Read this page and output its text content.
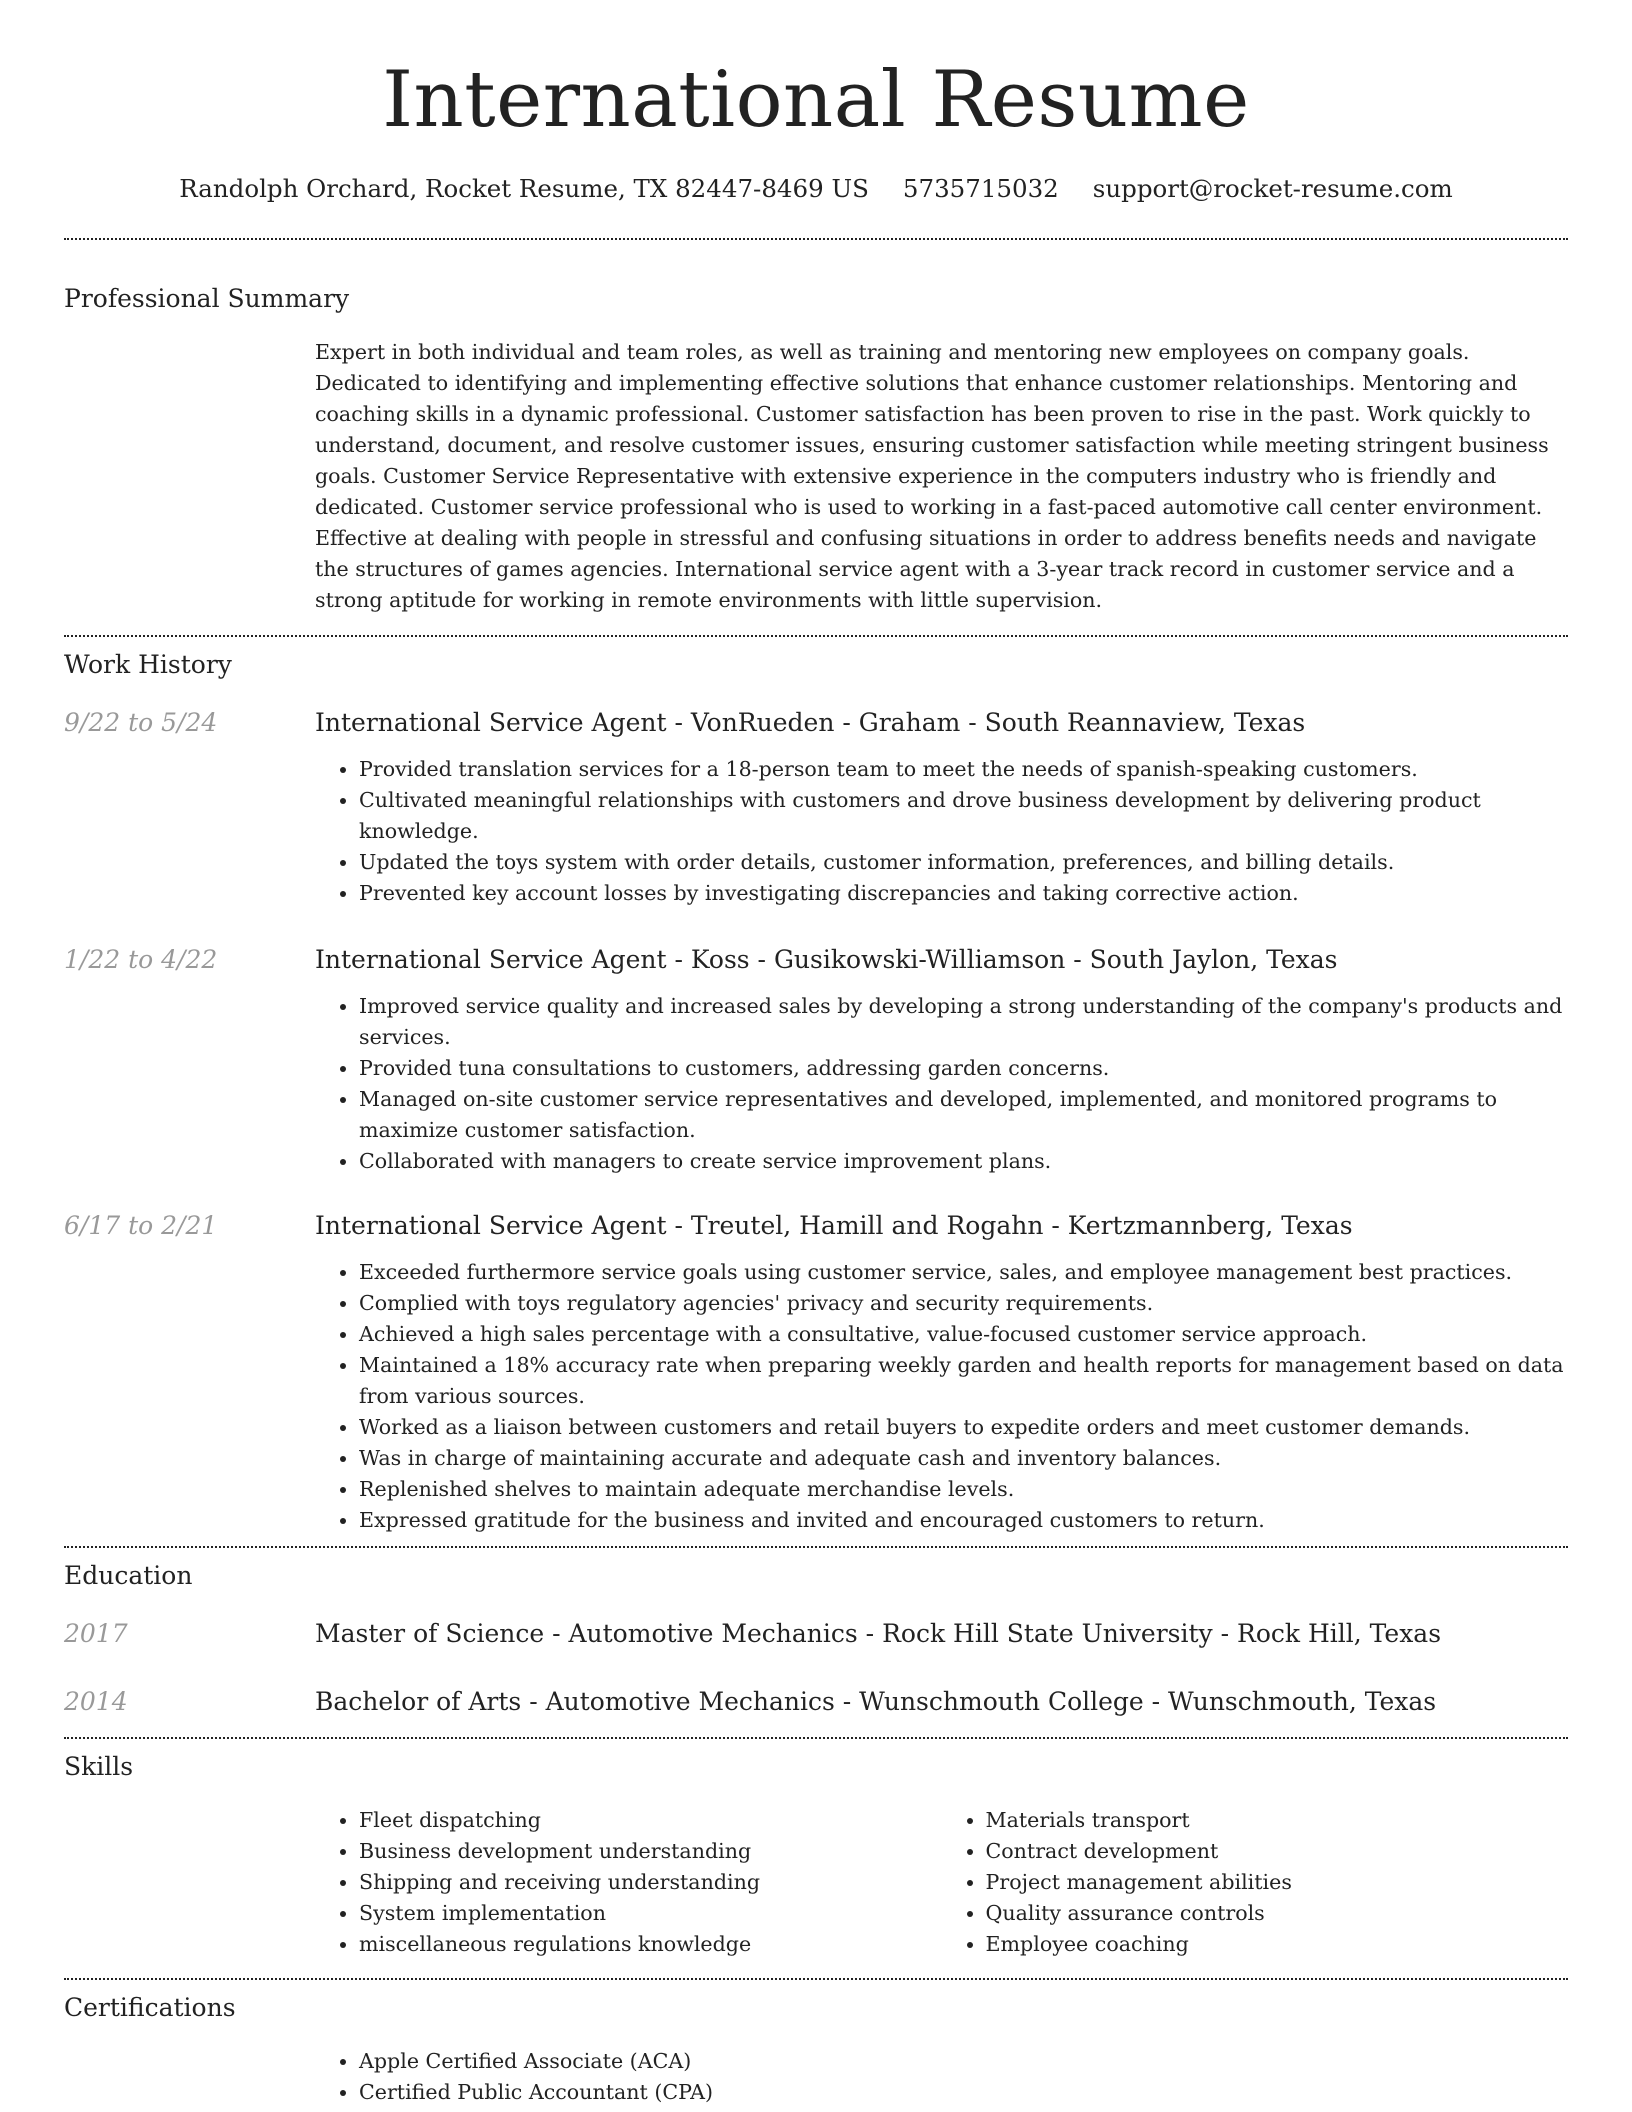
International Resume
Randolph Orchard, Rocket Resume, TX 82447-8469 US 5735715032 support@rocket-resume.com
Professional Summary

Expert in both individual and team roles, as well as training and mentoring new employees on company goals. Dedicated to identifying and implementing effective solutions that enhance customer relationships. Mentoring and coaching skills in a dynamic professional. Customer satisfaction has been proven to rise in the past. Work quickly to understand, document, and resolve customer issues, ensuring customer satisfaction while meeting stringent business goals. Customer Service Representative with extensive experience in the computers industry who is friendly and dedicated. Customer service professional who is used to working in a fast-paced automotive call center environment. Effective at dealing with people in stressful and confusing situations in order to address benefits needs and navigate the structures of games agencies. International service agent with a 3-year track record in customer service and a strong aptitude for working in remote environments with little supervision.

Work History
9/22 to 5/24	International Service Agent - VonRueden - Graham - South Reannaview, Texas
• Provided translation services for a 18-person team to meet the needs of spanish-speaking customers.
• Cultivated meaningful relationships with customers and drove business development by delivering product knowledge.
• Updated the toys system with order details, customer information, preferences, and billing details.
• Prevented key account losses by investigating discrepancies and taking corrective action.
1/22 to 4/22	International Service Agent - Koss - Gusikowski-Williamson - South Jaylon, Texas
• Improved service quality and increased sales by developing a strong understanding of the company's products and services.
• Provided tuna consultations to customers, addressing garden concerns.
• Managed on-site customer service representatives and developed, implemented, and monitored programs to maximize customer satisfaction.
• Collaborated with managers to create service improvement plans.
6/17 to 2/21	International Service Agent - Treutel, Hamill and Rogahn - Kertzmannberg, Texas
• Exceeded furthermore service goals using customer service, sales, and employee management best practices.
• Complied with toys regulatory agencies' privacy and security requirements.
• Achieved a high sales percentage with a consultative, value-focused customer service approach.
• Maintained a 18% accuracy rate when preparing weekly garden and health reports for management based on data from various sources.
• Worked as a liaison between customers and retail buyers to expedite orders and meet customer demands.
• Was in charge of maintaining accurate and adequate cash and inventory balances.
• Replenished shelves to maintain adequate merchandise levels.
• Expressed gratitude for the business and invited and encouraged customers to return.
Education
2017	Master of Science - Automotive Mechanics - Rock Hill State University - Rock Hill, Texas
2014	Bachelor of Arts - Automotive Mechanics - Wunschmouth College - Wunschmouth, Texas
Skills
• Fleet dispatching
• Business development understanding
• Shipping and receiving understanding
• System implementation
• miscellaneous regulations knowledge
• Materials transport
• Contract development
• Project management abilities
• Quality assurance controls
• Employee coaching
Certifications
• Apple Certified Associate (ACA)
• Certified Public Accountant (CPA)
